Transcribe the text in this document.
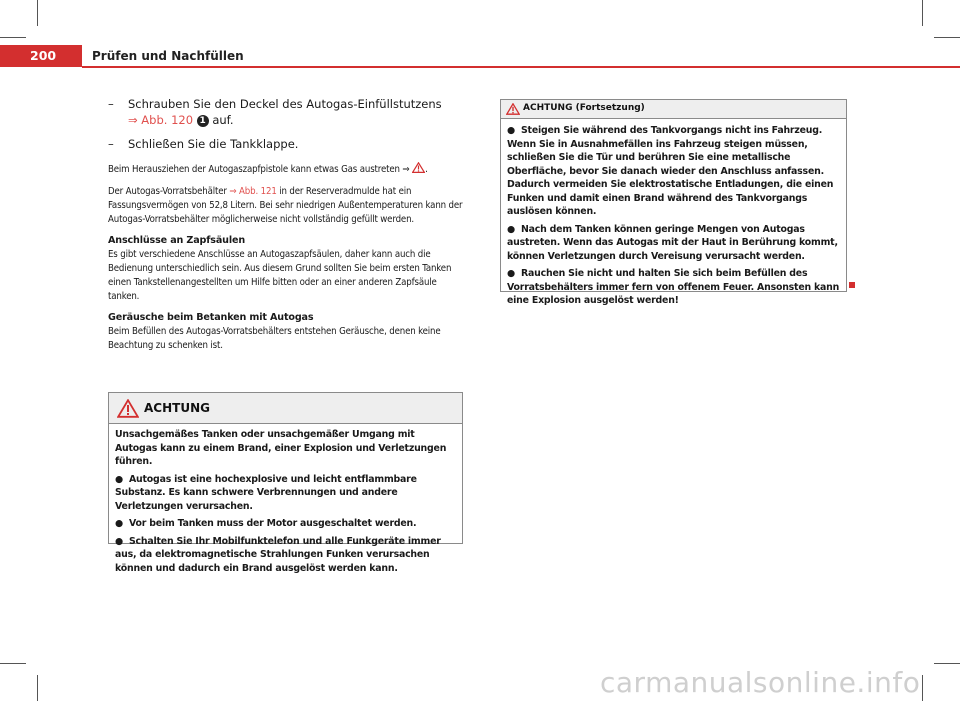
200	Prüfen und Nachfüllen
– Schrauben Sie den Deckel des Autogas-Einfüllstutzens
⇒ Abb. 120 1 auf.
– Schließen Sie die Tankklappe.

Beim Herausziehen der Autogaszapfpistole kann etwas Gas austreten ⇒ .

Der Autogas-Vorratsbehälter ⇒ Abb. 121 in der Reserveradmulde hat ein Fassungsvermögen von 52,8 Litern. Bei sehr niedrigen Außentemperaturen kann der Autogas-Vorratsbehälter möglicherweise nicht vollständig gefüllt werden.

Anschlüsse an Zapfsäulen

Es gibt verschiedene Anschlüsse an Autogaszapfsäulen, daher kann auch die Bedienung unterschiedlich sein. Aus diesem Grund sollten Sie beim ersten Tanken einen Tankstellenangestellten um Hilfe bitten oder an einer anderen Zapfsäule tanken.

Geräusche beim Betanken mit Autogas

Beim Befüllen des Autogas-Vorratsbehälters entstehen Geräusche, denen keine Beachtung zu schenken ist.

ACHTUNG

Unsachgemäßes Tanken oder unsachgemäßer Umgang mit Autogas kann zu einem Brand, einer Explosion und Verletzungen führen.

● Autogas ist eine hochexplosive und leicht entflammbare Substanz. Es kann schwere Verbrennungen und andere Verletzungen verursachen.

● Vor beim Tanken muss der Motor ausgeschaltet werden.

● Schalten Sie Ihr Mobilfunktelefon und alle Funkgeräte immer aus, da elektromagnetische Strahlungen Funken verursachen können und dadurch ein Brand ausgelöst werden kann.

ACHTUNG (Fortsetzung)

● Steigen Sie während des Tankvorgangs nicht ins Fahrzeug. Wenn Sie in Ausnahmefällen ins Fahrzeug steigen müssen, schließen Sie die Tür und berühren Sie eine metallische Oberfläche, bevor Sie danach wieder den Anschluss anfassen. Dadurch vermeiden Sie elektrostatische Entladungen, die einen Funken und damit einen Brand während des Tankvorgangs auslösen können.

● Nach dem Tanken können geringe Mengen von Autogas austreten. Wenn das Autogas mit der Haut in Berührung kommt, können Verletzungen durch Vereisung verursacht werden.

● Rauchen Sie nicht und halten Sie sich beim Befüllen des Vorratsbehälters immer fern von offenem Feuer. Ansonsten kann eine Explosion ausgelöst werden!

carmanualsonline.info
